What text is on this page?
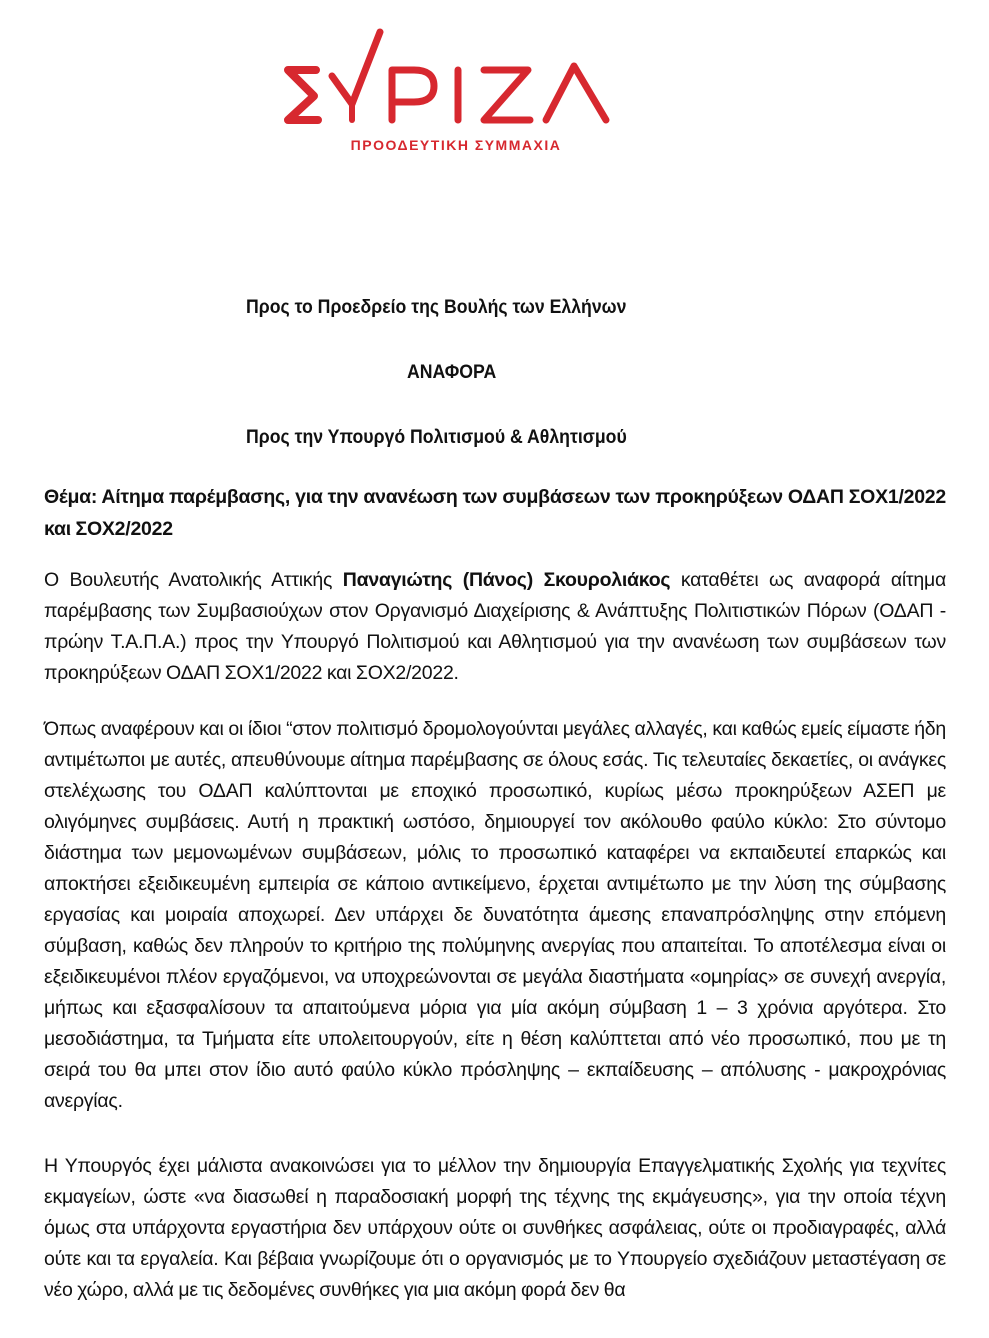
ΠΡΟΟΔΕΥΤΙΚΗ ΣΥΜΜΑΧΙΑ
Προς το Προεδρείο της Βουλής των Ελλήνων
ΑΝΑΦΟΡΑ
Προς την Υπουργό Πολιτισμού & Αθλητισμού
Θέμα: Αίτημα παρέμβασης, για την ανανέωση των συμβάσεων των προκηρύξεων ΟΔΑΠ ΣΟΧ1/2022 και ΣΟΧ2/2022
Ο Βουλευτής Ανατολικής Αττικής Παναγιώτης (Πάνος) Σκουρολιάκος καταθέτει ως αναφορά αίτημα παρέμβασης των Συμβασιούχων στον Οργανισμό Διαχείρισης & Ανάπτυξης Πολιτιστικών Πόρων (ΟΔΑΠ - πρώην Τ.Α.Π.Α.) προς την Υπουργό Πολιτισμού και Αθλητισμού για την ανανέωση των συμβάσεων των προκηρύξεων ΟΔΑΠ ΣΟΧ1/2022 και ΣΟΧ2/2022.
Όπως αναφέρουν και οι ίδιοι “στον πολιτισμό δρομολογούνται μεγάλες αλλαγές, και καθώς εμείς είμαστε ήδη αντιμέτωποι με αυτές, απευθύνουμε αίτημα παρέμβασης σε όλους εσάς. Τις τελευταίες δεκαετίες, οι ανάγκες στελέχωσης του ΟΔΑΠ καλύπτονται με εποχικό προσωπικό, κυρίως μέσω προκηρύξεων ΑΣΕΠ με ολιγόμηνες συμβάσεις. Αυτή η πρακτική ωστόσο, δημιουργεί τον ακόλουθο φαύλο κύκλο: Στο σύντομο διάστημα των μεμονωμένων συμβάσεων, μόλις το προσωπικό καταφέρει να εκπαιδευτεί επαρκώς και αποκτήσει εξειδικευμένη εμπειρία σε κάποιο αντικείμενο, έρχεται αντιμέτωπο με την λύση της σύμβασης εργασίας και μοιραία αποχωρεί. Δεν υπάρχει δε δυνατότητα άμεσης επαναπρόσληψης στην επόμενη σύμβαση, καθώς δεν πληρούν το κριτήριο της πολύμηνης ανεργίας που απαιτείται. Το αποτέλεσμα είναι οι εξειδικευμένοι πλέον εργαζόμενοι, να υποχρεώνονται σε μεγάλα διαστήματα «ομηρίας» σε συνεχή ανεργία, μήπως και εξασφαλίσουν τα απαιτούμενα μόρια για μία ακόμη σύμβαση 1 – 3 χρόνια αργότερα. Στο μεσοδιάστημα, τα Τμήματα είτε υπολειτουργούν, είτε η θέση καλύπτεται από νέο προσωπικό, που με τη σειρά του θα μπει στον ίδιο αυτό φαύλο κύκλο πρόσληψης – εκπαίδευσης – απόλυσης - μακροχρόνιας ανεργίας.
Η Υπουργός έχει μάλιστα ανακοινώσει για το μέλλον την δημιουργία Επαγγελματικής Σχολής για τεχνίτες εκμαγείων, ώστε «να διασωθεί η παραδοσιακή μορφή της τέχνης της εκμάγευσης», για την οποία τέχνη όμως στα υπάρχοντα εργαστήρια δεν υπάρχουν ούτε οι συνθήκες ασφάλειας, ούτε οι προδιαγραφές, αλλά ούτε και τα εργαλεία. Και βέβαια γνωρίζουμε ότι ο οργανισμός με το Υπουργείο σχεδιάζουν μεταστέγαση σε νέο χώρο, αλλά με τις δεδομένες συνθήκες για μια ακόμη φορά δεν θα
